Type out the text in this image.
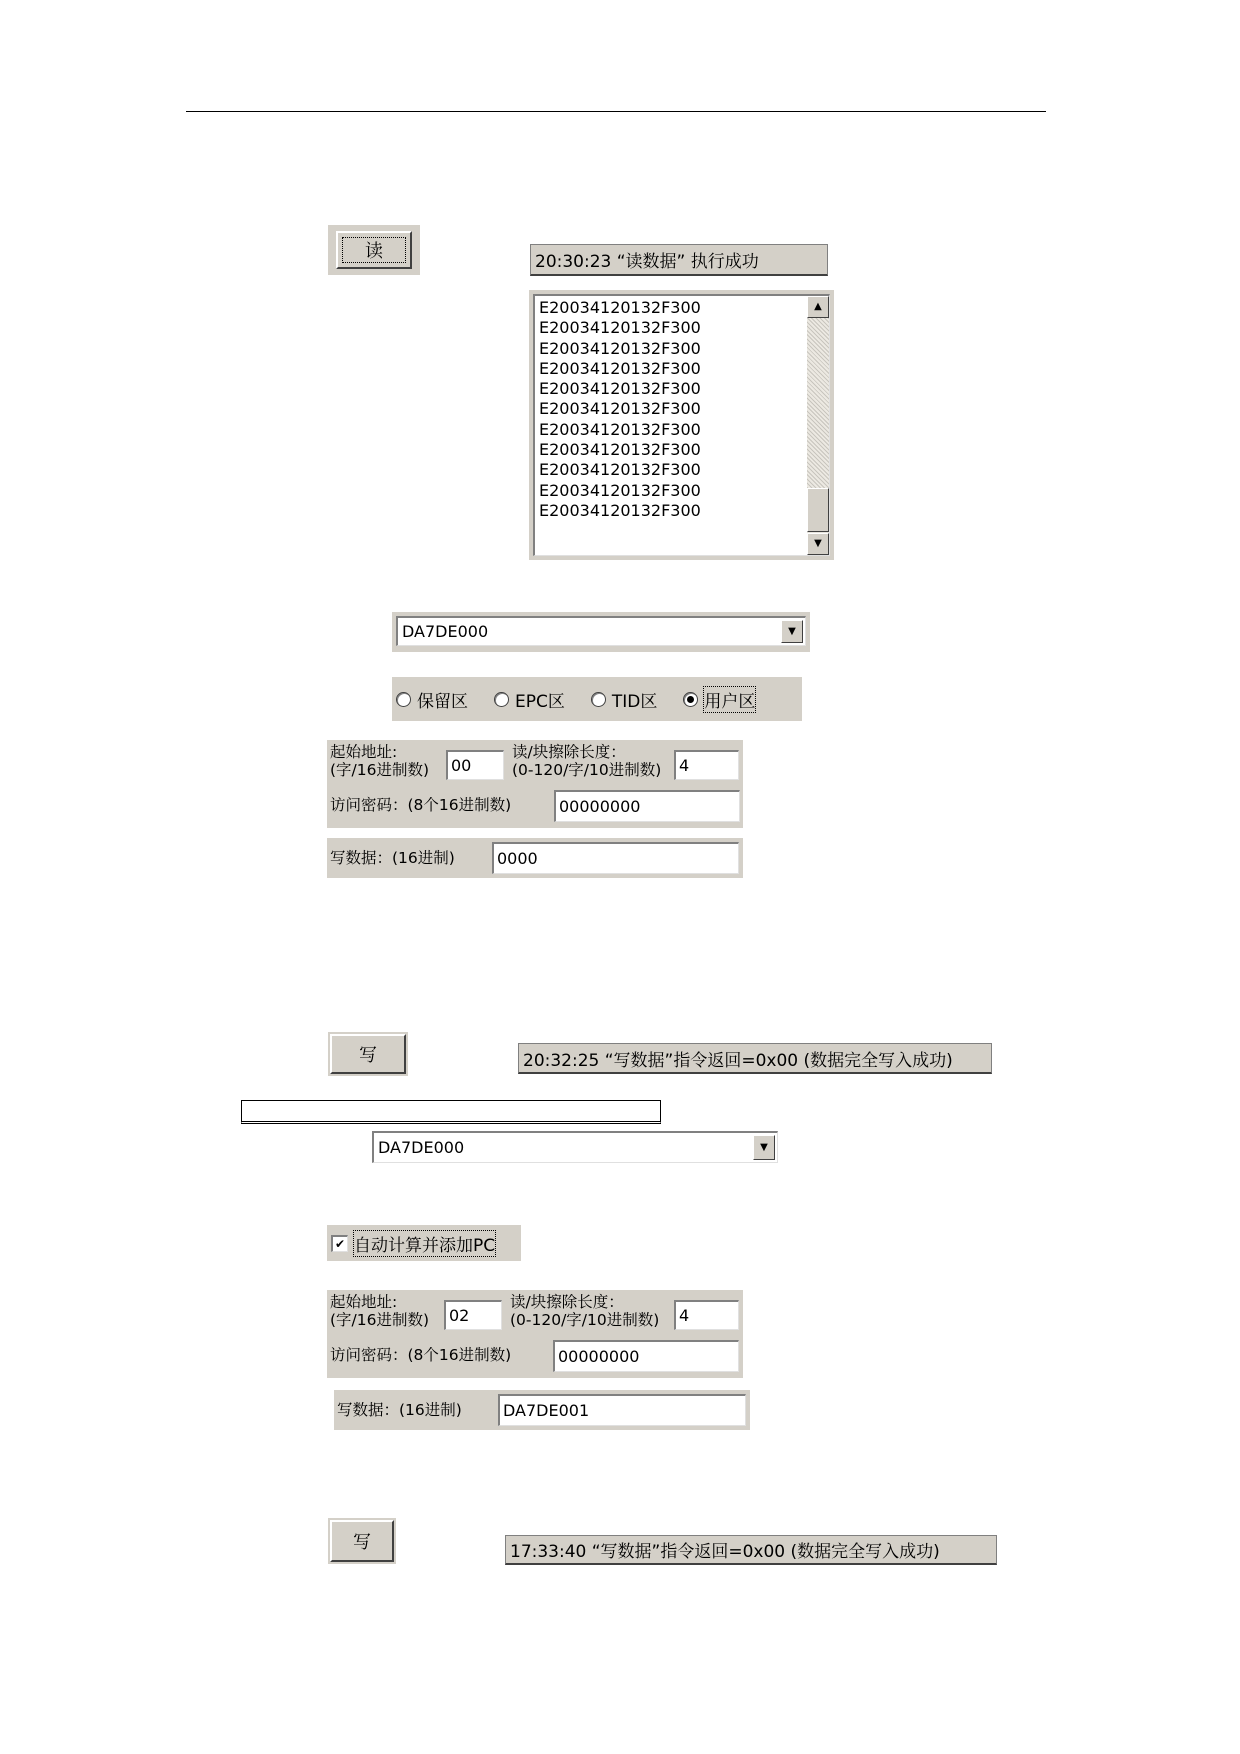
读	20:30:23 “读数据” 执行成功
E20034120132F300
E20034120132F300
E20034120132F300
E20034120132F300
E20034120132F300
E20034120132F300
E20034120132F300
E20034120132F300
E20034120132F300
E20034120132F300
E20034120132F300
▲
▼
DA7DE000	▼
保留区	EPC区	TID区	用户区
起始地址:
(字/16进制数)	00
读/块擦除长度：
(0-120/字/10进制数)	4
访问密码：(8个16进制数)	00000000
写数据：(16进制)	0000
写	20:32:25 “写数据”指令返回=0x00 (数据完全写入成功)
DA7DE000	▼
✔ 自动计算并添加PC
起始地址:
(字/16进制数)	02
读/块擦除长度：
(0-120/字/10进制数)	4
访问密码：(8个16进制数)	00000000
写数据：(16进制)	DA7DE001
写	17:33:40 “写数据”指令返回=0x00 (数据完全写入成功)
